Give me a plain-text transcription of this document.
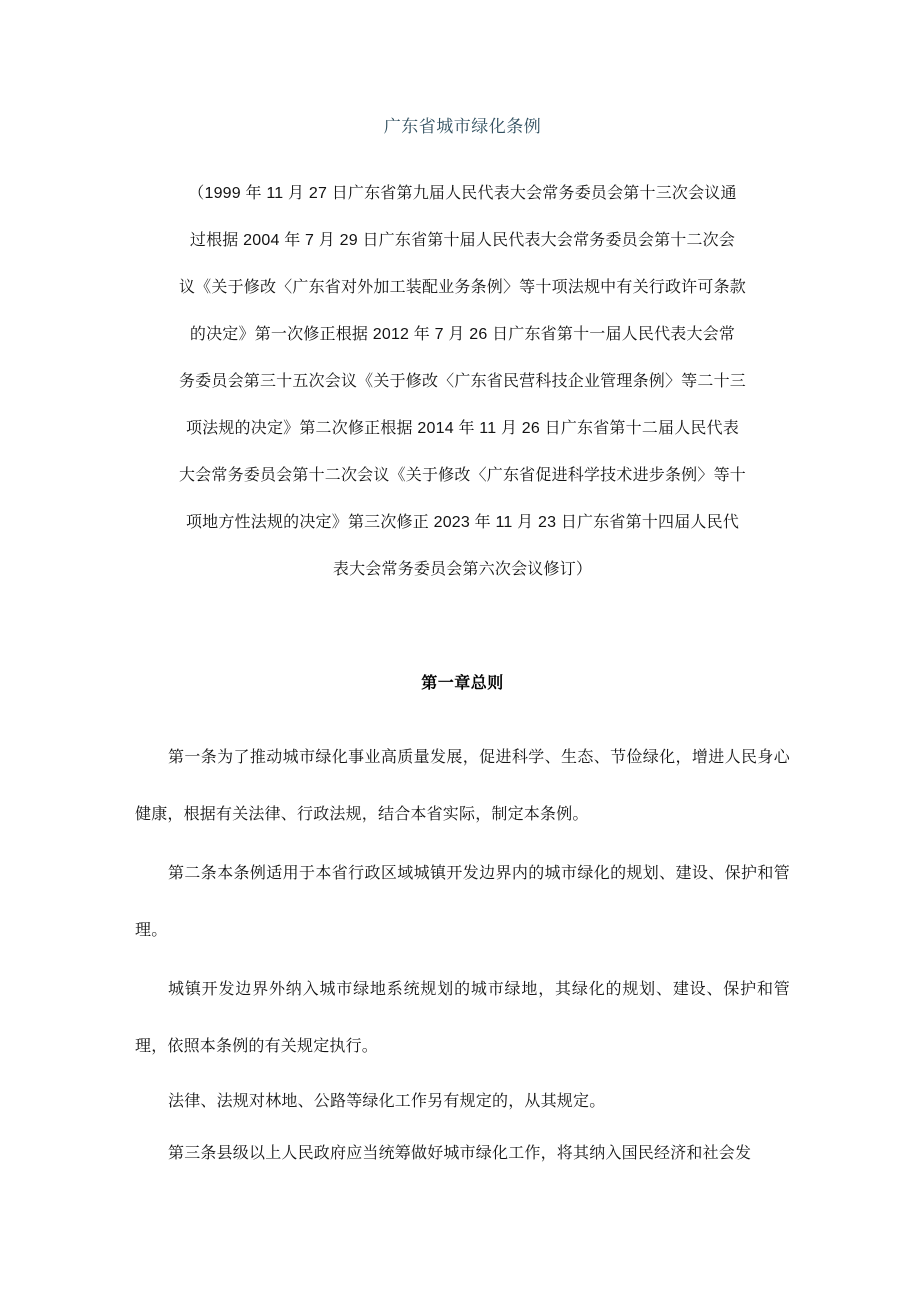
广东省城市绿化条例
（1999 年 11 月 27 日广东省第九届人民代表大会常务委员会第十三次会议通
过根据 2004 年 7 月 29 日广东省第十届人民代表大会常务委员会第十二次会
议《关于修改〈广东省对外加工装配业务条例〉等十项法规中有关行政许可条款
的决定》第一次修正根据 2012 年 7 月 26 日广东省第十一届人民代表大会常
务委员会第三十五次会议《关于修改〈广东省民营科技企业管理条例〉等二十三
项法规的决定》第二次修正根据 2014 年 11 月 26 日广东省第十二届人民代表
大会常务委员会第十二次会议《关于修改〈广东省促进科学技术进步条例〉等十
项地方性法规的决定》第三次修正 2023 年 11 月 23 日广东省第十四届人民代
表大会常务委员会第六次会议修订）
第一章总则

第一条为了推动城市绿化事业高质量发展，促进科学、生态、节俭绿化，增进人民身心健康，根据有关法律、行政法规，结合本省实际，制定本条例。

第二条本条例适用于本省行政区域城镇开发边界内的城市绿化的规划、建设、保护和管理。

城镇开发边界外纳入城市绿地系统规划的城市绿地，其绿化的规划、建设、保护和管理，依照本条例的有关规定执行。

法律、法规对林地、公路等绿化工作另有规定的，从其规定。

第三条县级以上人民政府应当统筹做好城市绿化工作，将其纳入国民经济和社会发
